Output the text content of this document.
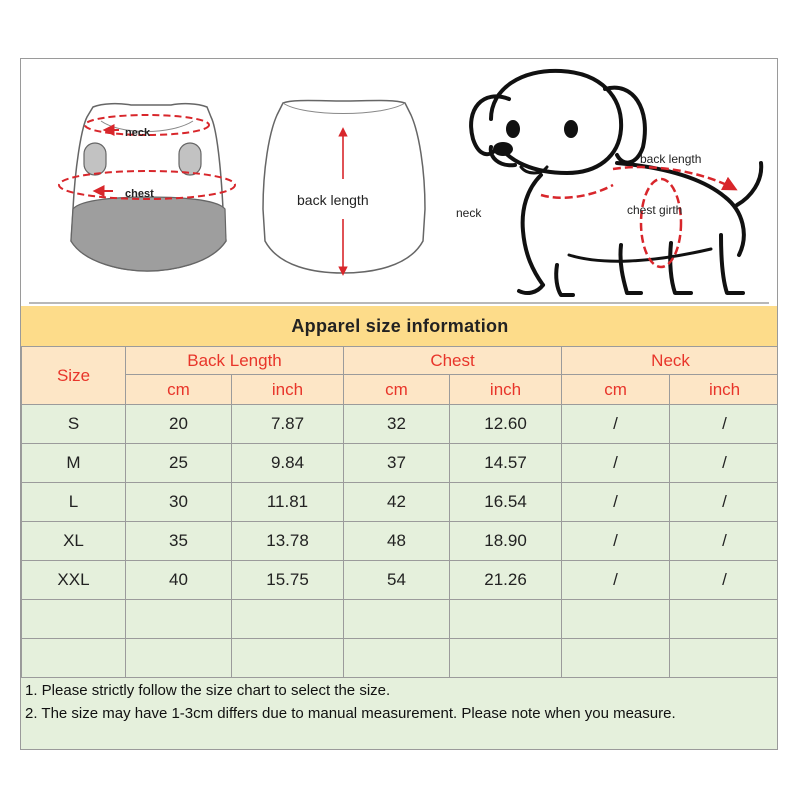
neck
chest	back length
back length
neck	chest girth
Apparel size information
Size	Back Length		Chest		Neck	
	cm	inch	cm	inch	cm	inch
S	20	7.87	32	12.60	/	/
M	25	9.84	37	14.57	/	/
L	30	11.81	42	16.54	/	/
XL	35	13.78	48	18.90	/	/
XXL	40	15.75	54	21.26	/	/

1. Please strictly follow the size chart to select the size.
2. The size may have 1-3cm differs due to manual measurement. Please note when you measure.
